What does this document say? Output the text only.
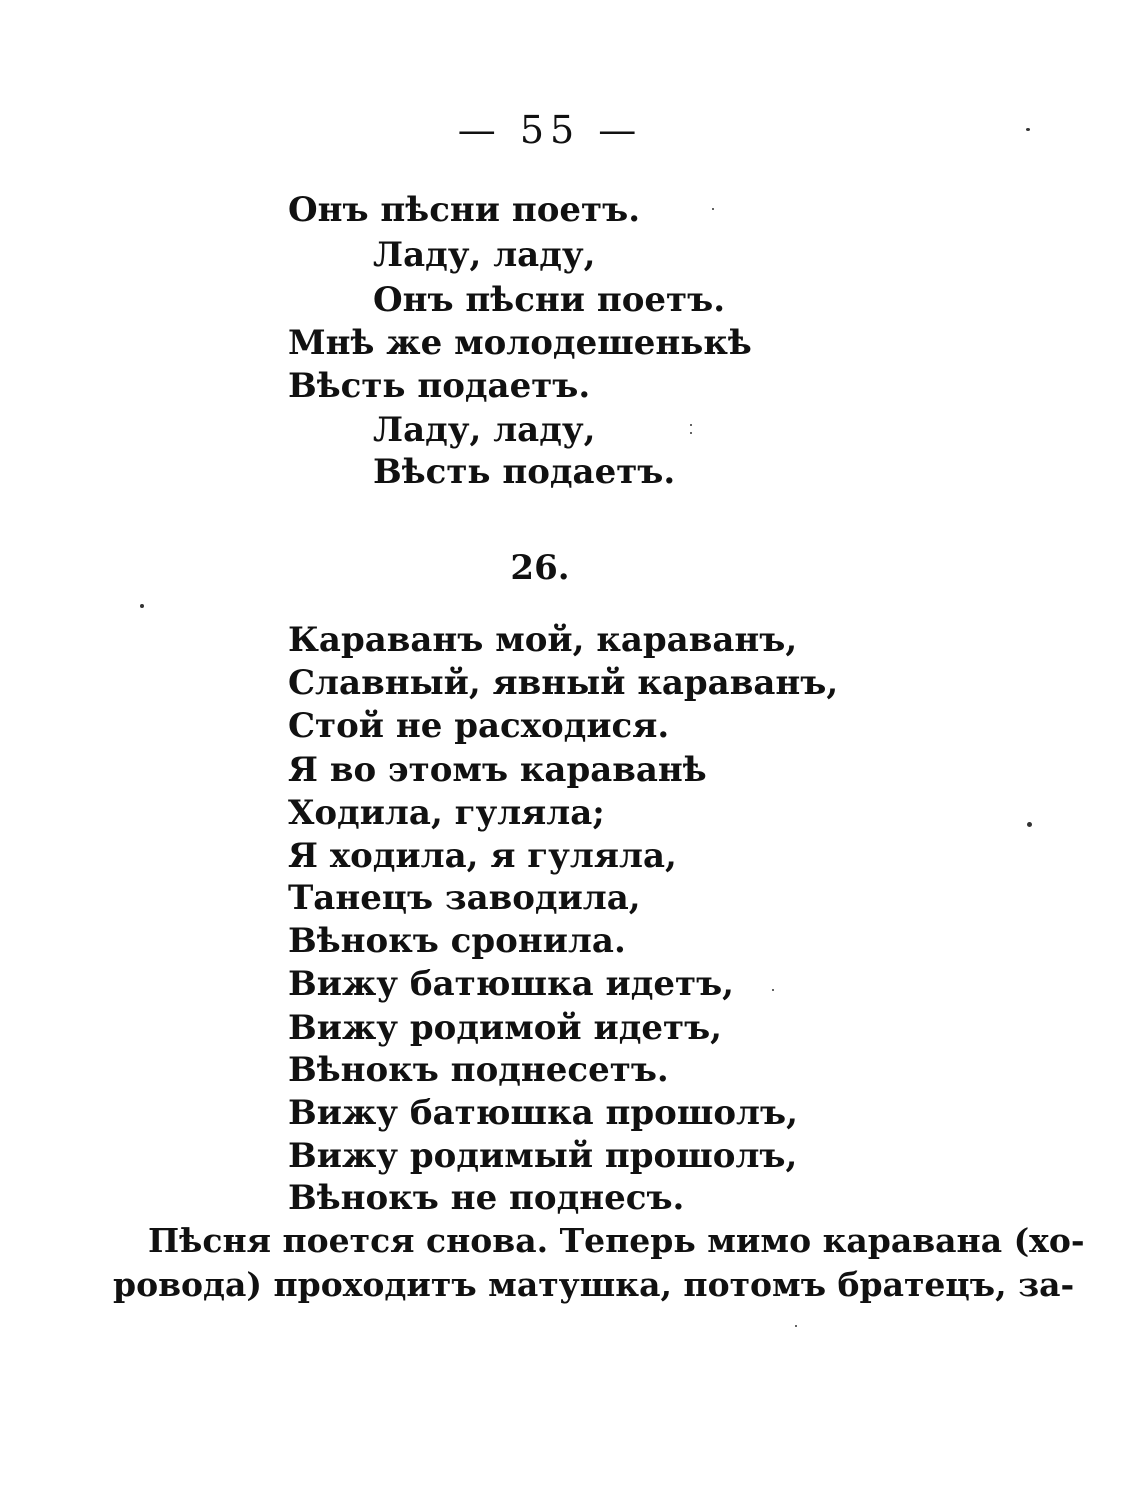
— 55 —
Онъ пѣсни поетъ.
Ладу, ладу,
Онъ пѣсни поетъ.
Мнѣ же молодешенькѣ
Вѣсть подаетъ.
Ладу, ладу,
Вѣсть подаетъ.
26.
Караванъ мой, караванъ,
Славный, явный караванъ,
Стой не расходися.
Я во этомъ караванѣ
Ходила, гуляла;
Я ходила, я гуляла,
Танецъ заводила,
Вѣнокъ сронила.
Вижу батюшка идетъ,
Вижу родимой идетъ,
Вѣнокъ поднесетъ.
Вижу батюшка прошолъ,
Вижу родимый прошолъ,
Вѣнокъ не поднесъ.
Пѣсня поется снова. Теперь мимо каравана (хо-
ровода) проходитъ матушка, потомъ братецъ, за-
